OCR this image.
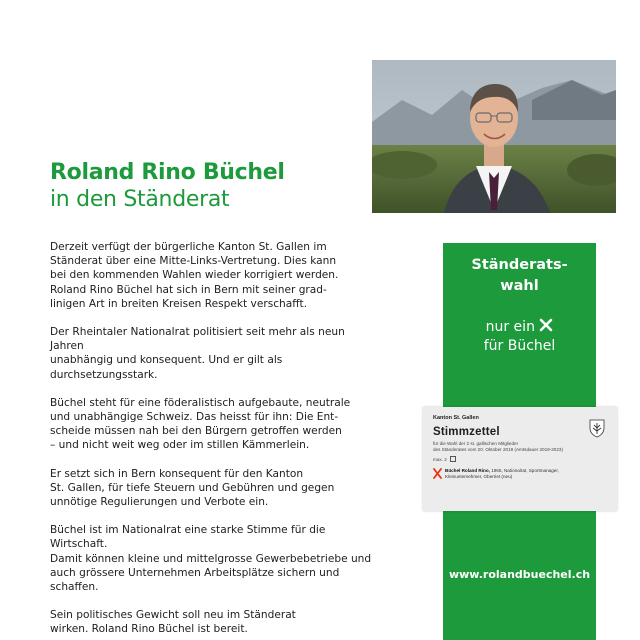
Roland Rino Büchel
in den Ständerat

Derzeit verfügt der bürgerliche Kanton St. Gallen im
Ständerat über eine Mitte-Links-Vertretung. Dies kann
bei den kommenden Wahlen wieder korrigiert werden.
Roland Rino Büchel hat sich in Bern mit seiner grad-
linigen Art in breiten Kreisen Respekt verschafft.

Der Rheintaler Nationalrat politisiert seit mehr als neun Jahren
unabhängig und konsequent. Und er gilt als durchsetzungsstark.

Büchel steht für eine föderalistisch aufgebaute, neutrale
und unabhängige Schweiz. Das heisst für ihn: Die Ent-
scheide müssen nah bei den Bürgern getroffen werden
– und nicht weit weg oder im stillen Kämmerlein.

Er setzt sich in Bern konsequent für den Kanton
St. Gallen, für tiefe Steuern und Gebühren und gegen
unnötige Regulierungen und Verbote ein.

Büchel ist im Nationalrat eine starke Stimme für die Wirtschaft.
Damit können kleine und mittelgrosse Gewerbebetriebe und
auch grössere Unternehmen Arbeitsplätze sichern und schaffen.

Sein politisches Gewicht soll neu im Ständerat
wirken. Roland Rino Büchel ist bereit.

Ständerats-
wahl
nur ein
für Büchel
www.rolandbuechel.ch
Kanton St. Gallen
Stimmzettel
für die Wahl der 2 st. gallischen Mitglieder
des Ständerates vom 20. Oktober 2019 (Amtsdauer 2019-2023)
max. 2
Büchel Roland Rino, 1965, Nationalrat, Sportmanager,
Kleinunternehmer, Oberriet (neu)
